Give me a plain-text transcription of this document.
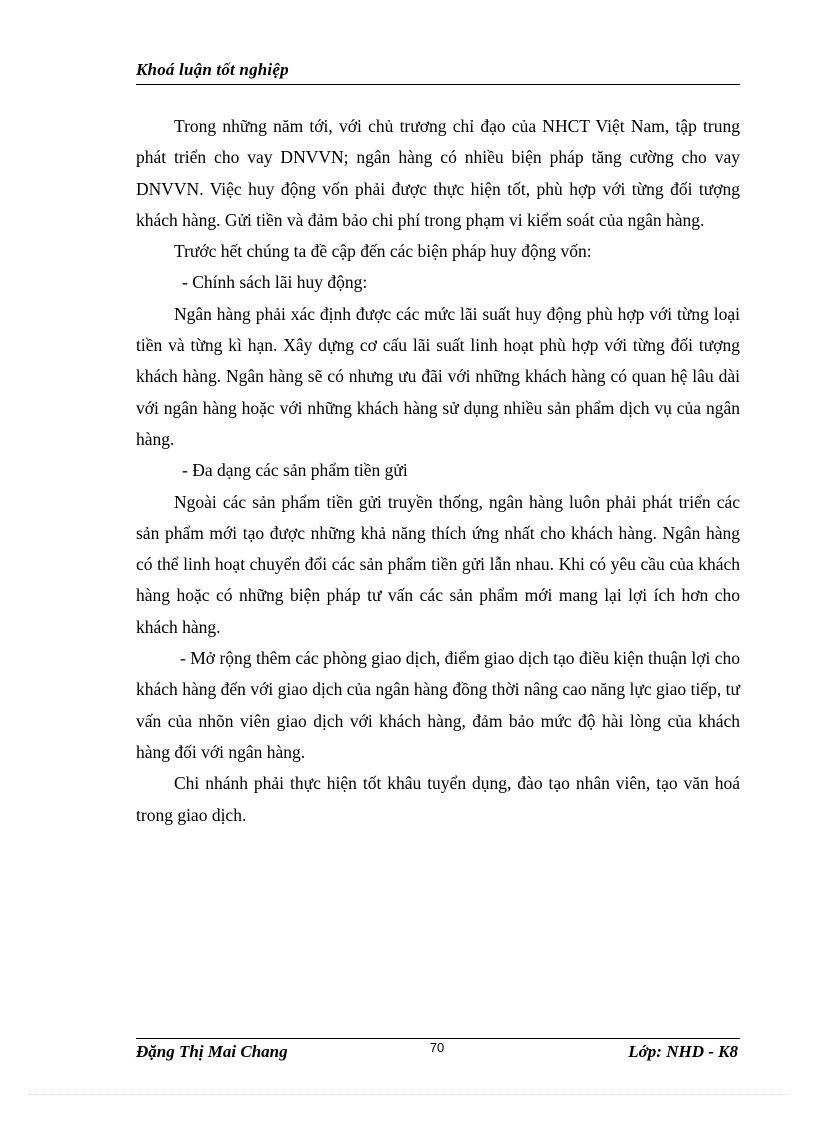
Khoá luận tốt nghiệp

Trong những năm tới, với chủ trương chỉ đạo của NHCT Việt Nam, tập trung phát triển cho vay DNVVN; ngân hàng có nhiều biện pháp tăng cường cho vay DNVVN. Việc huy động vốn phải được thực hiện tốt, phù hợp với từng đối tượng khách hàng. Gửi tiền và đảm bảo chi phí trong phạm vi kiểm soát của ngân hàng.

Trước hết chúng ta đề cập đến các biện pháp huy động vốn:

- Chính sách lãi huy động:

Ngân hàng phải xác định được các mức lãi suất huy động phù hợp với từng loại tiền và từng kì hạn. Xây dựng cơ cấu lãi suất linh hoạt phù hợp với từng đối tượng khách hàng. Ngân hàng sẽ có nhưng ưu đãi với những khách hàng có quan hệ lâu dài với ngân hàng hoặc với những khách hàng sử dụng nhiều sản phẩm dịch vụ của ngân hàng.

- Đa dạng các sản phẩm tiền gửi

Ngoài các sản phẩm tiền gửi truyền thống, ngân hàng luôn phải phát triển các sản phẩm mới tạo được những khả năng thích ứng nhất cho khách hàng. Ngân hàng có thể linh hoạt chuyển đổi các sản phẩm tiền gửi lẫn nhau. Khi có yêu cầu của khách hàng hoặc có những biện pháp tư vấn các sản phẩm mới mang lại lợi ích hơn cho khách hàng.

- Mở rộng thêm các phòng giao dịch, điểm giao dịch tạo điều kiện thuận lợi cho khách hàng đến với giao dịch của ngân hàng đồng thời nâng cao năng lực giao tiếp, tư vấn của nhõn viên giao dịch với khách hàng, đảm bảo mức độ hài lòng của khách hàng đối với ngân hàng.

Chi nhánh phải thực hiện tốt khâu tuyển dụng, đào tạo nhân viên, tạo văn hoá trong giao dịch.

Đặng Thị Mai Chang	70	Lớp: NHD - K8
